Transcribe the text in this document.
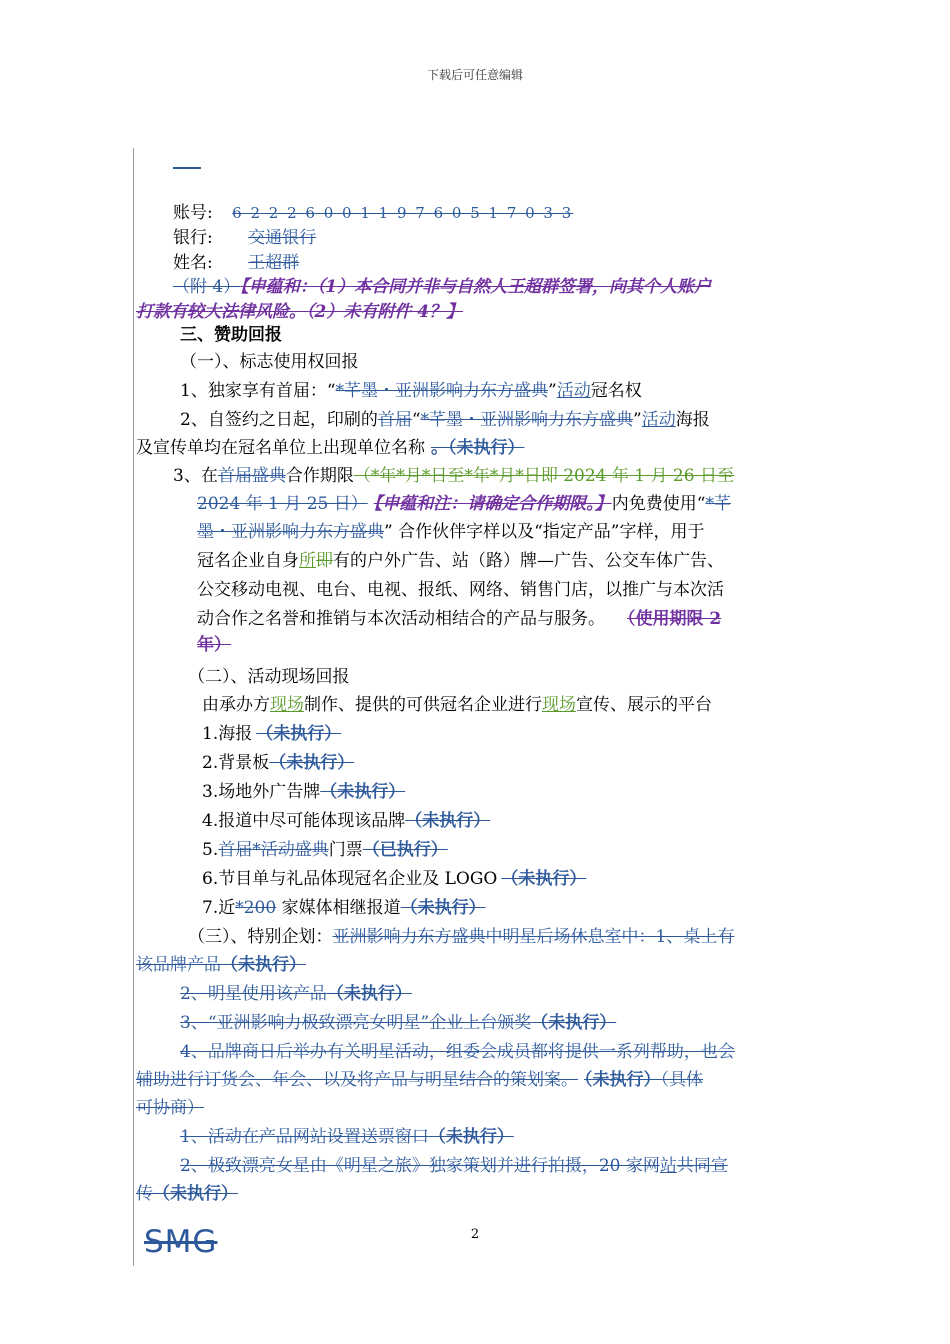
下载后可任意编辑
账号: 6 2 2 2 6 0 0 1 1 9 7 6 0 5 1 7 0 3 3
银行: 交通银行
姓名: 王超群
（附 4）【申蕴和：（1）本合同并非与自然人王超群签署，向其个人账户
打款有较大法律风险。（2）未有附件 4？】
三、赞助回报
（一）、标志使用权回报
1、独家享有首届：“*芊墨・亚洲影响力东方盛典”活动冠名权
2、自签约之日起，印刷的首届“*芊墨・亚洲影响力东方盛典”活动海报
及宣传单均在冠名单位上出现单位名称 。（未执行）
3、在首届盛典合作期限（*年*月*日至*年*月*日即 2024 年 1 月 26 日至
2024 年 1 月 25 日） 【申蕴和注：请确定合作期限。】内免费使用“*芊
墨・亚洲影响力东方盛典” 合作伙伴字样以及“指定产品”字样，用于
冠名企业自身所即有的户外广告、站（路）牌—广告、公交车体广告、
公交移动电视、电台、电视、报纸、网络、销售门店，以推广与本次活
动合作之名誉和推销与本次活动相结合的产品与服务。 （使用期限 2
年）
（二）、活动现场回报
由承办方现场制作、提供的可供冠名企业进行现场宣传、展示的平台
1.海报 （未执行）
2.背景板（未执行）
3.场地外广告牌（未执行）
4.报道中尽可能体现该品牌（未执行）
5.首届*活动盛典门票（已执行）
6.节目单与礼品体现冠名企业及 LOGO （未执行）
7.近*200 家媒体相继报道（未执行）
（三）、特别企划：亚洲影响力东方盛典中明星后场休息室中：1、桌上有
该品牌产品（未执行）
2、明星使用该产品（未执行）
3、“亚洲影响力极致漂亮女明星”企业上台颁奖（未执行）
4、品牌商日后举办有关明星活动，组委会成员都将提供一系列帮助，也会
辅助进行订货会、年会、以及将产品与明星结合的策划案。 （未执行）（具体
可协商）
1、活动在产品网站设置送票窗口（未执行）
2、极致漂亮女星由《明星之旅》独家策划并进行拍摄，20 家网站共同宣
传（未执行）
SMG	2
